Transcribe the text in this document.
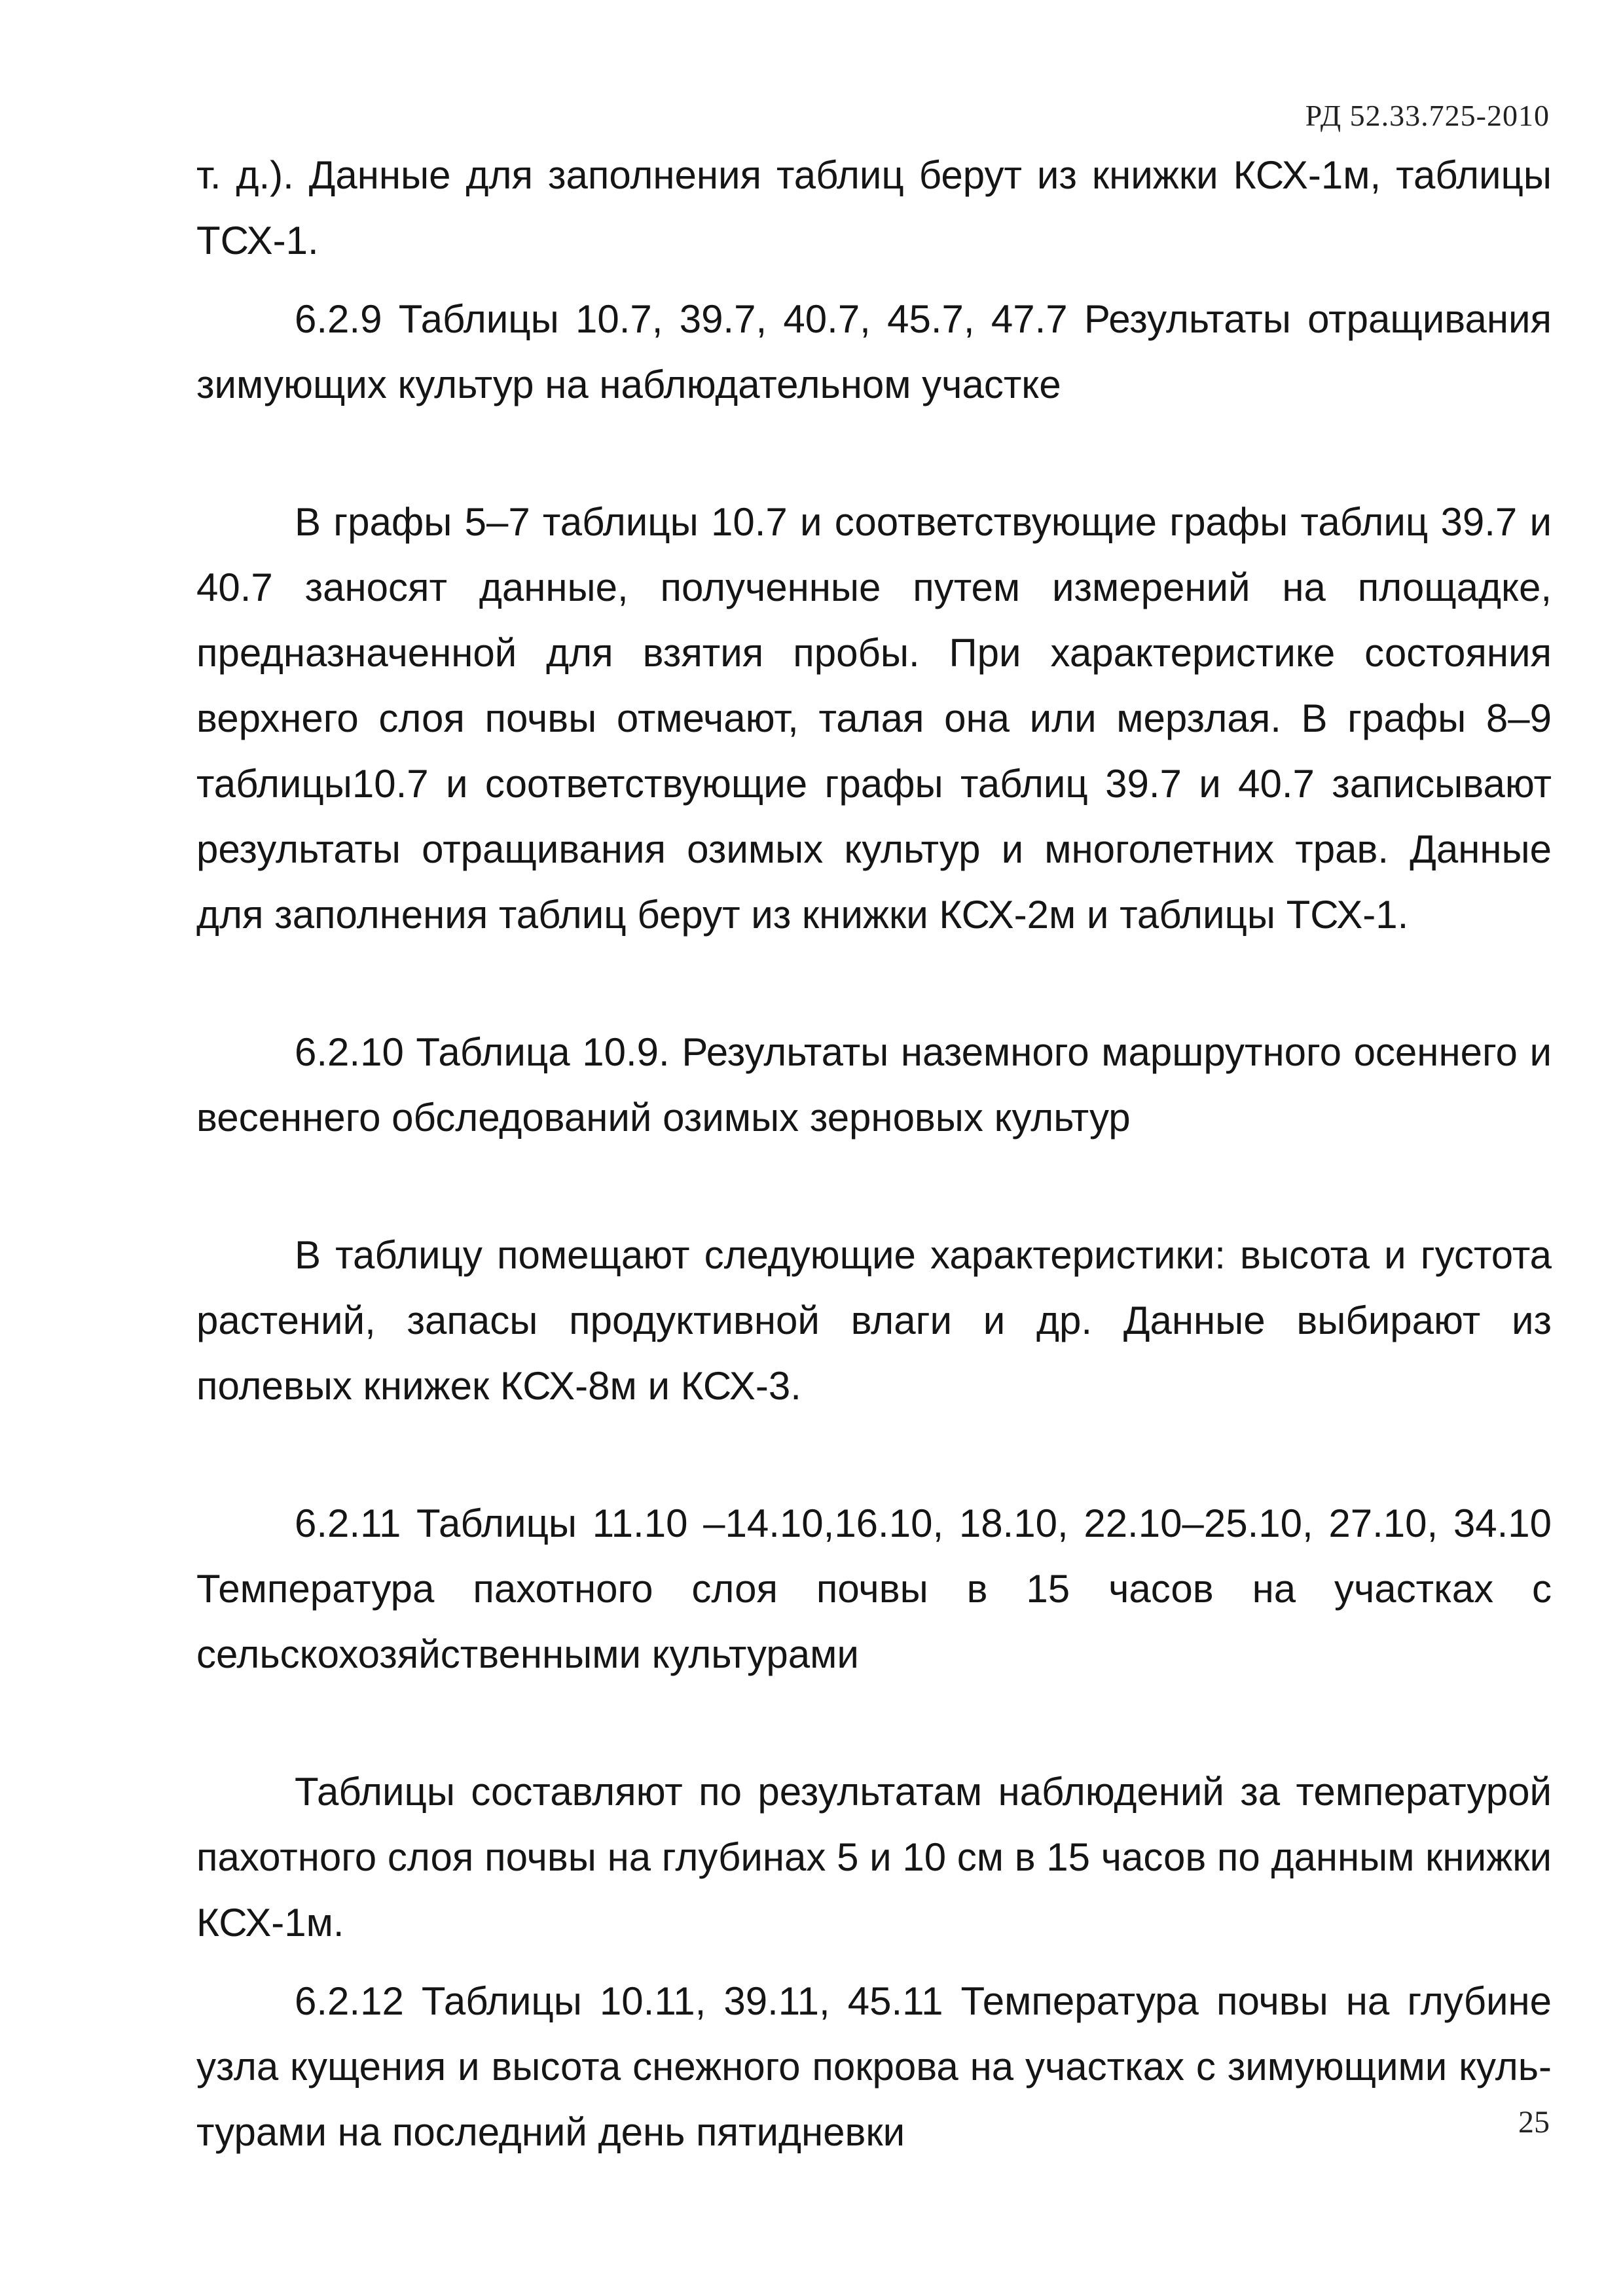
РД 52.33.725-2010

т. д.). Данные для заполнения таблиц берут из книжки КСХ-1м, таблицы ТСХ-1.

6.2.9 Таблицы 10.7, 39.7, 40.7, 45.7, 47.7 Результаты отращивания зимующих культур на наблюдательном участке

В графы 5–7 таблицы 10.7 и соответствующие графы таблиц 39.7 и 40.7 заносят данные, полученные путем измерений на площадке, предназначенной для взятия пробы. При характеристике состояния верхнего слоя почвы отмечают, талая она или мерзлая. В графы 8–9 таблицы10.7 и соответствующие графы таблиц 39.7 и 40.7 записывают результаты отращивания озимых культур и многолетних трав. Данные для заполнения таблиц берут из книжки КСХ-2м и таблицы ТСХ-1.

6.2.10 Таблица 10.9. Результаты наземного маршрутного осеннего и весеннего обследований озимых зерновых культур

В таблицу помещают следующие характеристики: высота и густота растений, запасы продуктивной влаги и др. Данные выбирают из полевых книжек КСХ-8м и КСХ-3.

6.2.11 Таблицы 11.10 –14.10,16.10, 18.10, 22.10–25.10, 27.10, 34.10 Температура пахотного слоя почвы в 15 часов на участках с сельскохозяйственными культурами

Таблицы составляют по результатам наблюдений за температурой пахотного слоя почвы на глубинах 5 и 10 см в 15 часов по данным книжки КСХ-1м.

6.2.12 Таблицы 10.11, 39.11, 45.11 Температура почвы на глубине узла кущения и высота снежного покрова на участках с зимующими культурами на последний день пятидневки	25
